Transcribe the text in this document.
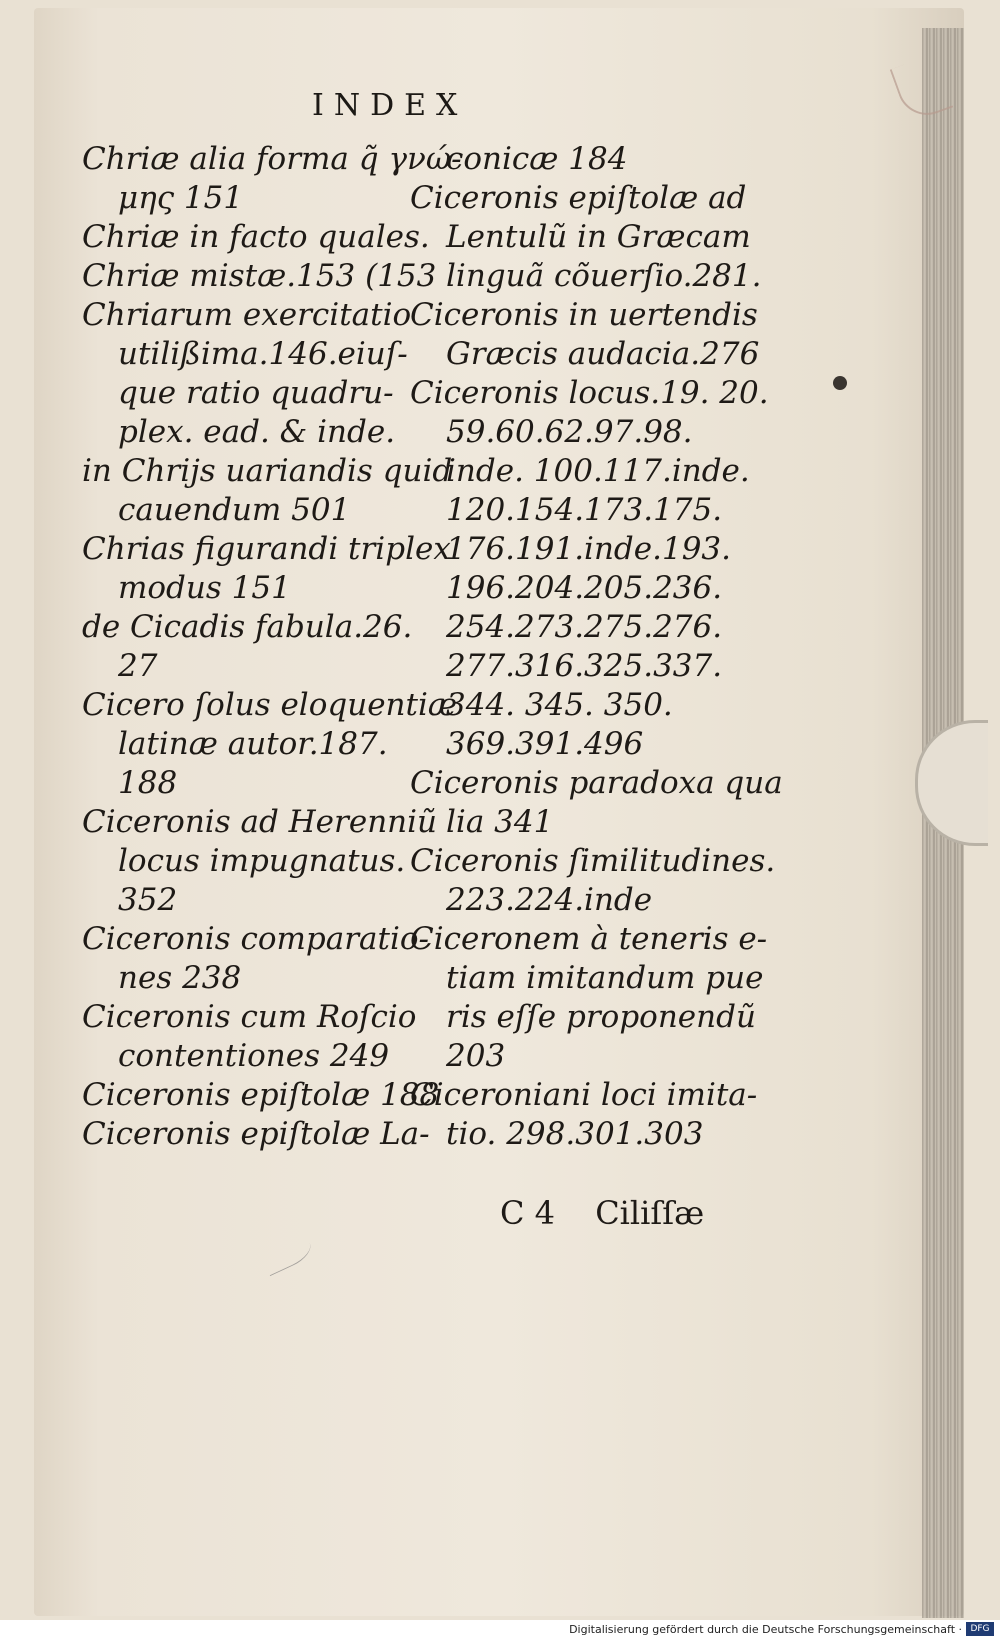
INDEX
Chriæ alia forma q̃ γνώ-
μης 151
Chriæ in facto quales.
Chriæ mistæ.153 (153
Chriarum exercitatio
utilißima.146.eiuſ-
que ratio quadru-
plex. ead. & inde.
in Chrijs uariandis quid
cauendum 501
Chrias figurandi triplex
modus 151
de Cicadis fabula.26.
27
Cicero ſolus eloquentiæ
latinæ autor.187.
188
Ciceronis ad Herenniũ
locus impugnatus.
352
Ciceronis comparatio-
nes 238
Ciceronis cum Roſcio
contentiones 249
Ciceronis epiſtolæ 188
Ciceronis epiſtolæ La-
conicæ 184
Ciceronis epiſtolæ ad
Lentulũ in Græcam
linguã cõuerſio.281.
Ciceronis in uertendis
Græcis audacia.276
Ciceronis locus.19. 20.
59.60.62.97.98.
inde. 100.117.inde.
120.154.173.175.
176.191.inde.193.
196.204.205.236.
254.273.275.276.
277.316.325.337.
344. 345. 350.
369.391.496
Ciceronis paradoxa qua
lia 341
Ciceronis ſimilitudines.
223.224.inde
Ciceronem à teneris e-
tiam imitandum pue
ris eſſe proponendũ
203
Ciceroniani loci imita-
tio. 298.301.303
C 4 Ciliſſæ
Digitalisierung gefördert durch die Deutsche Forschungsgemeinschaft · DFG
